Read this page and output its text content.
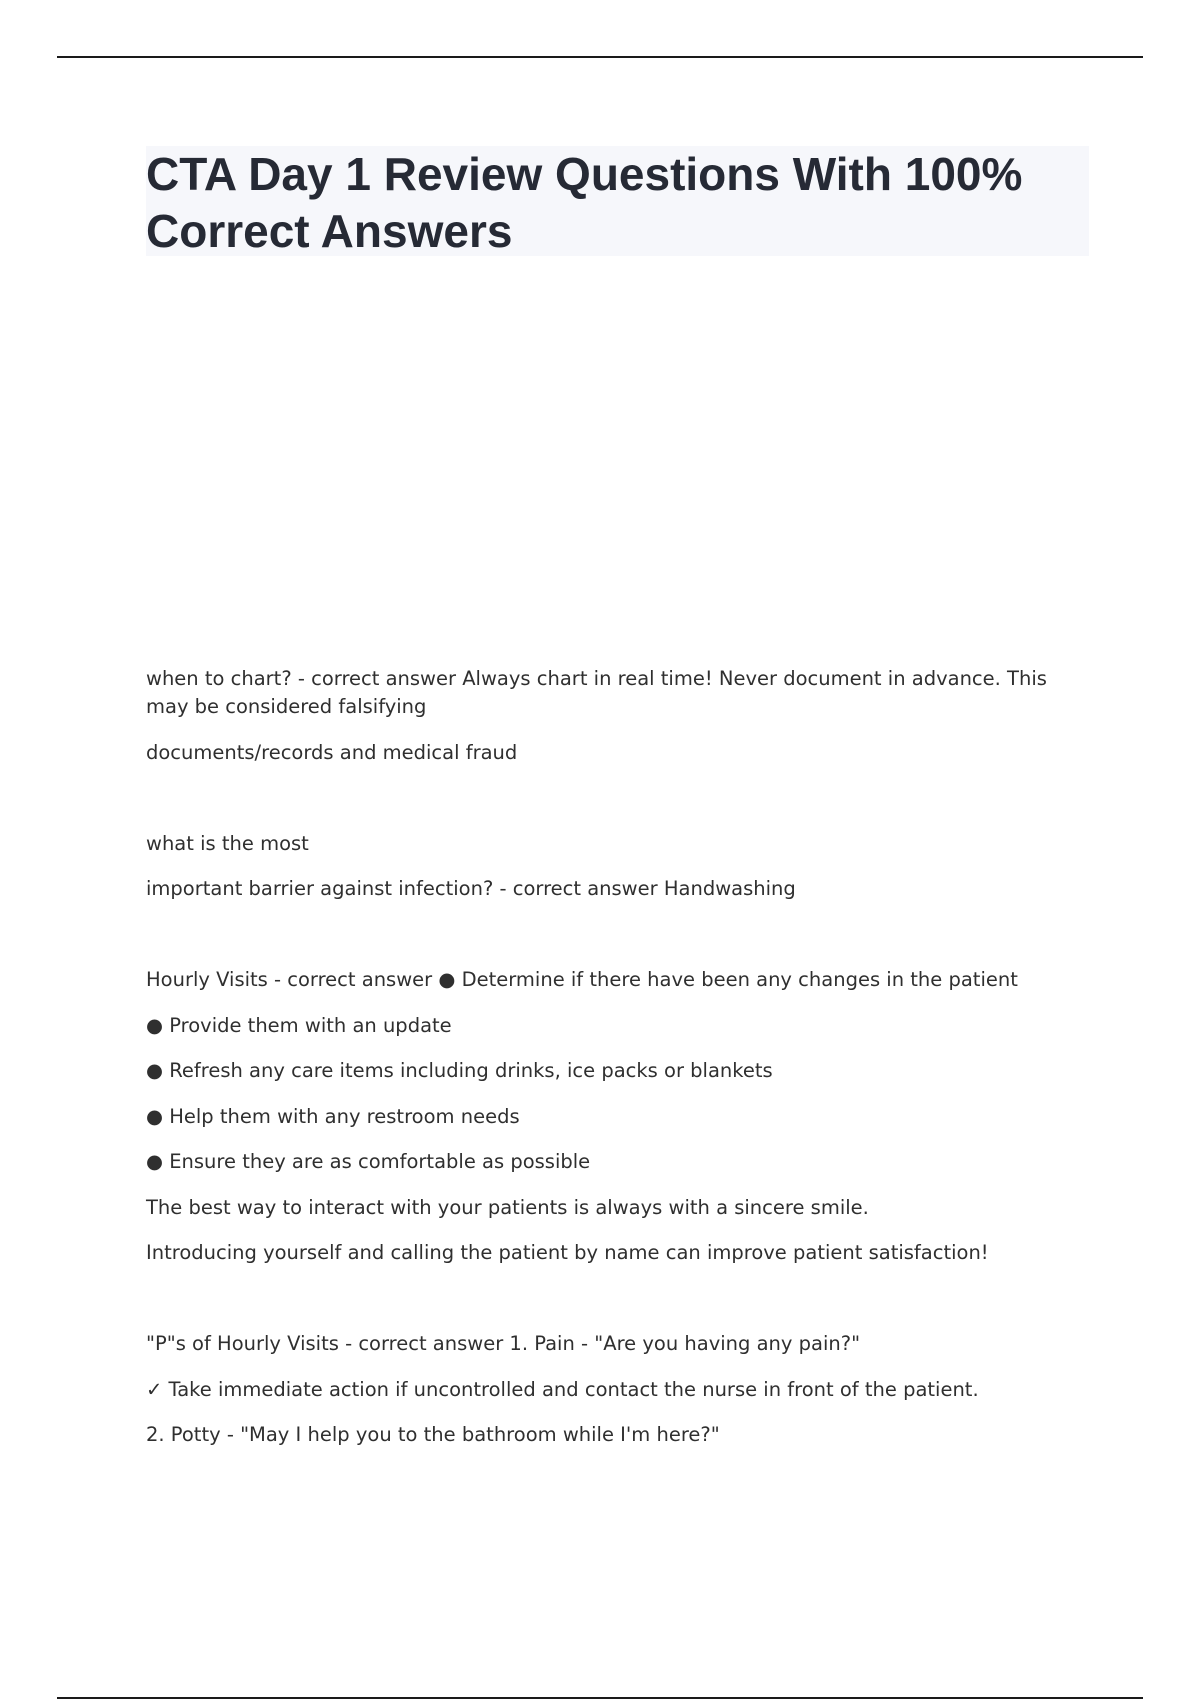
CTA Day 1 Review Questions With 100% Correct Answers
when to chart? - correct answer Always chart in real time! Never document in advance. This may be considered falsifying
documents/records and medical fraud
what is the most
important barrier against infection? - correct answer Handwashing
Hourly Visits - correct answer ● Determine if there have been any changes in the patient
● Provide them with an update
● Refresh any care items including drinks, ice packs or blankets
● Help them with any restroom needs
● Ensure they are as comfortable as possible
The best way to interact with your patients is always with a sincere smile.
Introducing yourself and calling the patient by name can improve patient satisfaction!
"P"s of Hourly Visits - correct answer 1. Pain - "Are you having any pain?"
✓ Take immediate action if uncontrolled and contact the nurse in front of the patient.
2. Potty - "May I help you to the bathroom while I'm here?"
